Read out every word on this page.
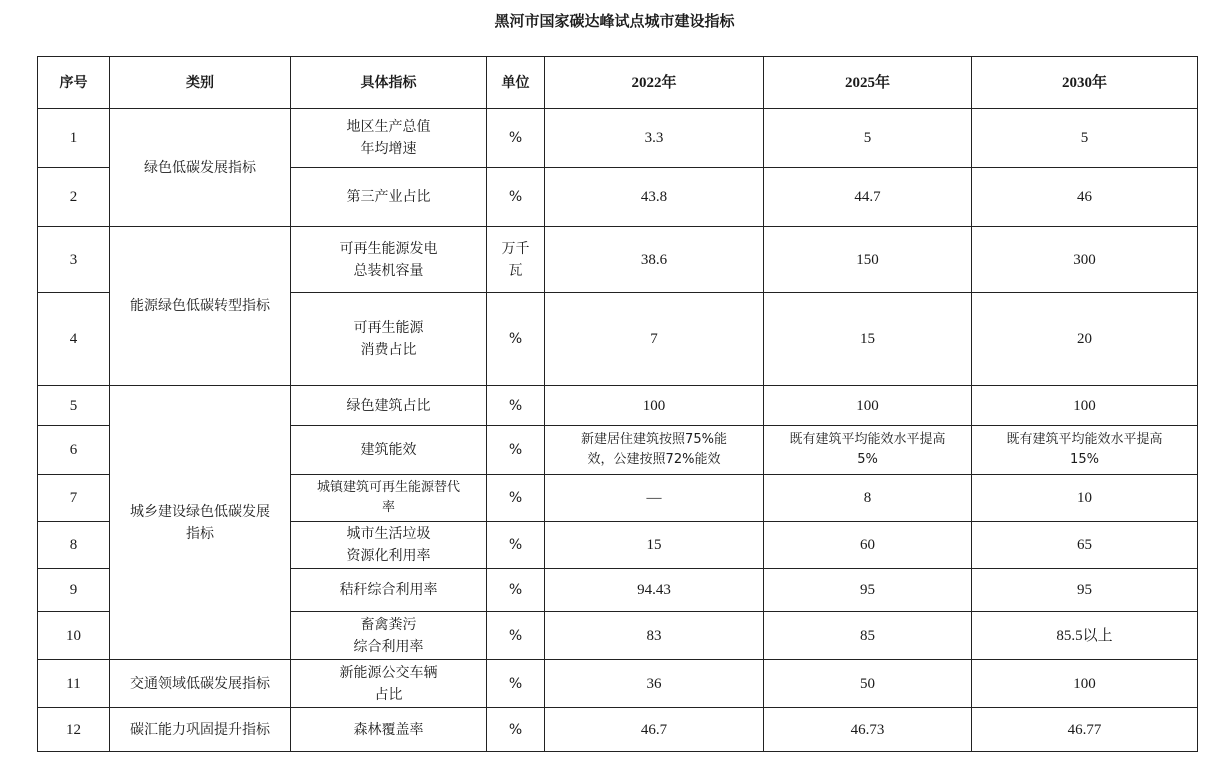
黑河市国家碳达峰试点城市建设指标
序号	类别	具体指标	单位	2022年	2025年	2030年
1	绿色低碳发展指标	地区生产总值
年均增速	%	3.3	5	5
2		第三产业占比	%	43.8	44.7	46
3	能源绿色低碳转型指标	可再生能源发电
总装机容量	万千
瓦	38.6	150	300
4		可再生能源
消费占比	%	7	15	20
5	城乡建设绿色低碳发展
指标	绿色建筑占比	%	100	100	100
6		建筑能效	%	新建居住建筑按照75%能
效，公建按照72%能效	既有建筑平均能效水平提高
5%	既有建筑平均能效水平提高
15%
7		城镇建筑可再生能源替代
率	%	—	8	10
8		城市生活垃圾
资源化利用率	%	15	60	65
9		秸秆综合利用率	%	94.43	95	95
10		畜禽粪污
综合利用率	%	83	85	85.5以上
11	交通领域低碳发展指标	新能源公交车辆
占比	%	36	50	100
12	碳汇能力巩固提升指标	森林覆盖率	%	46.7	46.73	46.77
